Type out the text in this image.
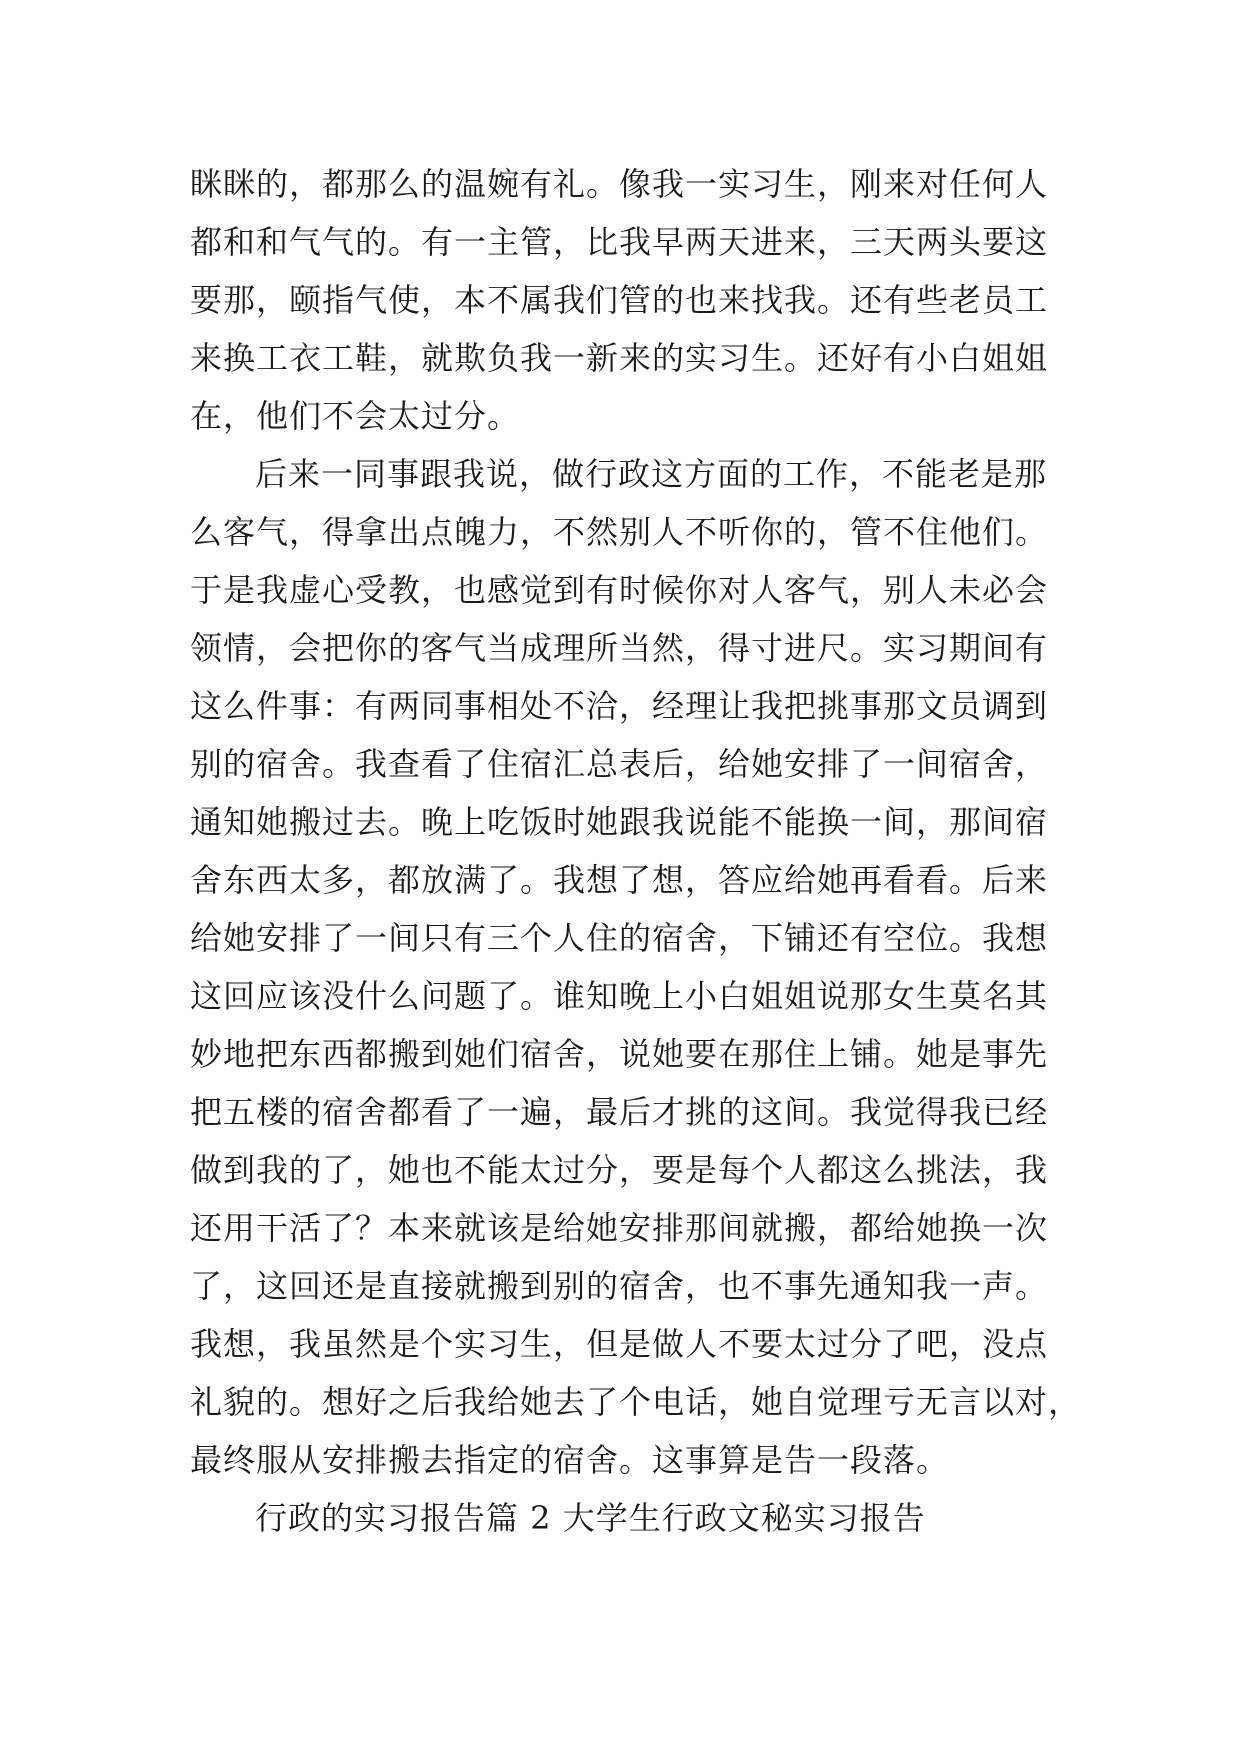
眯眯的，都那么的温婉有礼。像我一实习生，刚来对任何人
都和和气气的。有一主管，比我早两天进来，三天两头要这
要那，颐指气使，本不属我们管的也来找我。还有些老员工
来换工衣工鞋，就欺负我一新来的实习生。还好有小白姐姐
在，他们不会太过分。
后来一同事跟我说，做行政这方面的工作，不能老是那
么客气，得拿出点魄力，不然别人不听你的，管不住他们。
于是我虚心受教，也感觉到有时候你对人客气，别人未必会
领情，会把你的客气当成理所当然，得寸进尺。实习期间有
这么件事：有两同事相处不洽，经理让我把挑事那文员调到
别的宿舍。我查看了住宿汇总表后，给她安排了一间宿舍，
通知她搬过去。晚上吃饭时她跟我说能不能换一间，那间宿
舍东西太多，都放满了。我想了想，答应给她再看看。后来
给她安排了一间只有三个人住的宿舍，下铺还有空位。我想
这回应该没什么问题了。谁知晚上小白姐姐说那女生莫名其
妙地把东西都搬到她们宿舍，说她要在那住上铺。她是事先
把五楼的宿舍都看了一遍，最后才挑的这间。我觉得我已经
做到我的了，她也不能太过分，要是每个人都这么挑法，我
还用干活了？本来就该是给她安排那间就搬，都给她换一次
了，这回还是直接就搬到别的宿舍，也不事先通知我一声。
我想，我虽然是个实习生，但是做人不要太过分了吧，没点
礼貌的。想好之后我给她去了个电话，她自觉理亏无言以对，
最终服从安排搬去指定的宿舍。这事算是告一段落。
行政的实习报告篇 2 大学生行政文秘实习报告
